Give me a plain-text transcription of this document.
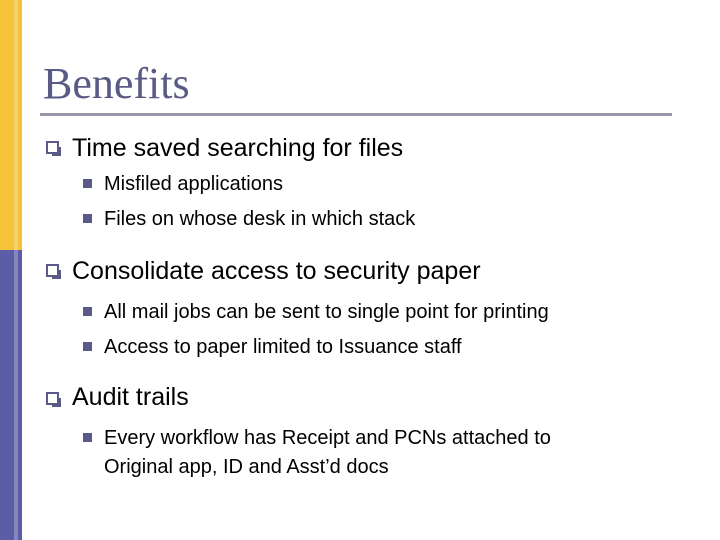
Benefits
Time saved searching for files
Misfiled applications
Files on whose desk in which stack
Consolidate access to security paper
All mail jobs can be sent to single point for printing
Access to paper limited to Issuance staff
Audit trails
Every workflow has Receipt and PCNs attached to
Original app, ID and Asst’d docs
